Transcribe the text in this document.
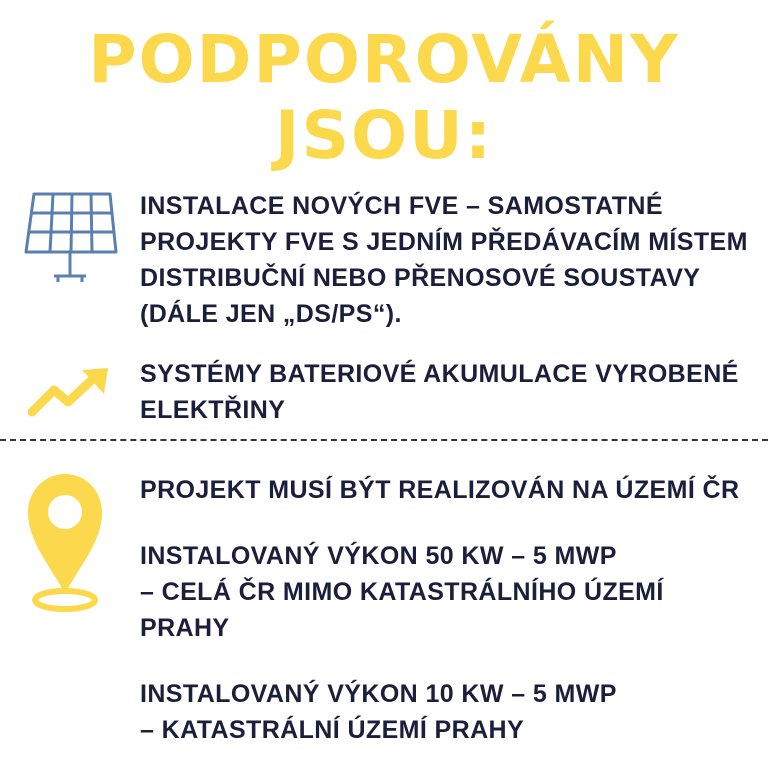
PODPOROVÁNY
JSOU:
INSTALACE NOVÝCH FVE – SAMOSTATNÉ
PROJEKTY FVE S JEDNÍM PŘEDÁVACÍM MÍSTEM
DISTRIBUČNÍ NEBO PŘENOSOVÉ SOUSTAVY
(DÁLE JEN „DS/PS“).
SYSTÉMY BATERIOVÉ AKUMULACE VYROBENÉ
ELEKTŘINY
PROJEKT MUSÍ BÝT REALIZOVÁN NA ÚZEMÍ ČR
INSTALOVANÝ VÝKON 50 KW – 5 MWP
– CELÁ ČR MIMO KATASTRÁLNÍHO ÚZEMÍ
PRAHY
INSTALOVANÝ VÝKON 10 KW – 5 MWP
– KATASTRÁLNÍ ÚZEMÍ PRAHY
